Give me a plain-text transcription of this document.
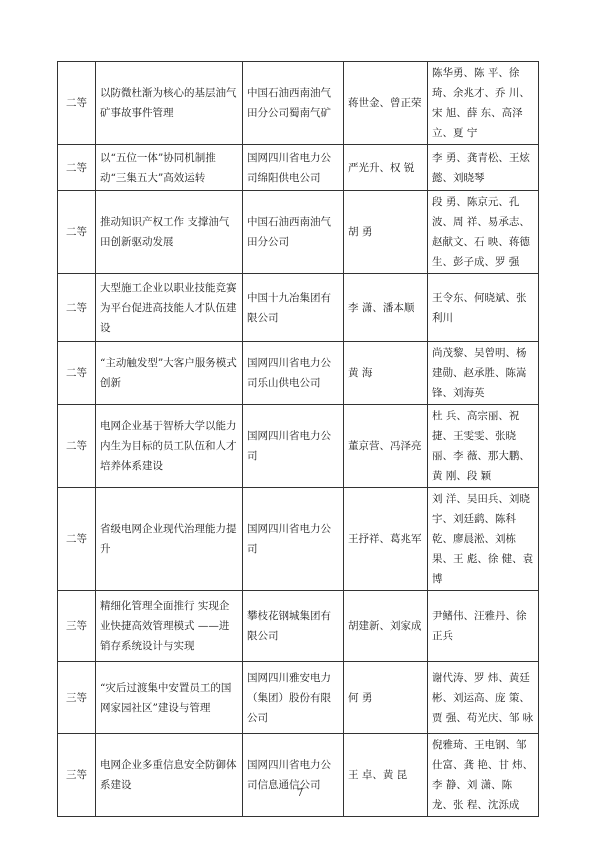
二等	以防微杜渐为核心的基层油气矿事故事件管理	中国石油西南油气田分公司蜀南气矿	蒋世金、曾正荣	陈华勇、陈 平、徐 琦、余兆才、乔 川、宋 旭、薛 东、高泽立、夏 宁
二等	以“五位一体”协同机制推动“三集五大”高效运转	国网四川省电力公司绵阳供电公司	严光升、权 锐	李 勇、龚青松、王炫懿、刘晓琴
二等	推动知识产权工作 支撑油气田创新驱动发展	中国石油西南油气田分公司	胡 勇	段 勇、陈京元、孔 波、周 祥、易承志、赵献文、石 映、蒋德生、彭子成、罗 强
二等	大型施工企业以职业技能竞赛为平台促进高技能人才队伍建设	中国十九冶集团有限公司	李 潇、潘本顺	王令东、何晓斌、张利川
二等	“主动触发型”大客户服务模式创新	国网四川省电力公司乐山供电公司	黄 海	尚茂黎、吴曾明、杨建勋、赵承胜、陈嵩锋、刘海英
二等	电网企业基于智桥大学以能力内生为目标的员工队伍和人才培养体系建设	国网四川省电力公司	董京营、冯泽亮	杜 兵、高宗丽、祝 捷、王雯雯、张晓丽、李 薇、那大鹏、黄 刚、段 颖
二等	省级电网企业现代治理能力提升	国网四川省电力公司	王抒祥、葛兆军	刘 洋、吴田兵、刘晓宇、刘廷鹞、陈科乾、廖晨淞、刘栋果、王 彪、徐 健、袁 博
三等	精细化管理全面推行 实现企业快捷高效管理模式 ——进销存系统设计与实现	攀枝花钢城集团有限公司	胡建新、刘家成	尹鳍伟、汪雅丹、徐正兵
三等	“灾后过渡集中安置员工的国网家园社区”建设与管理	国网四川雅安电力（集团）股份有限公司	何 勇	谢代涛、罗 炜、黄廷彬、刘运高、庞 策、贾 强、苟光庆、邹 咏
三等	电网企业多重信息安全防御体系建设	国网四川省电力公司信息通信公司	王 卓、黄 昆	倪雅琦、王电钢、邹仕富、龚 艳、甘 炜、李 静、刘 潇、陈 龙、张 程、沈泺成
7
